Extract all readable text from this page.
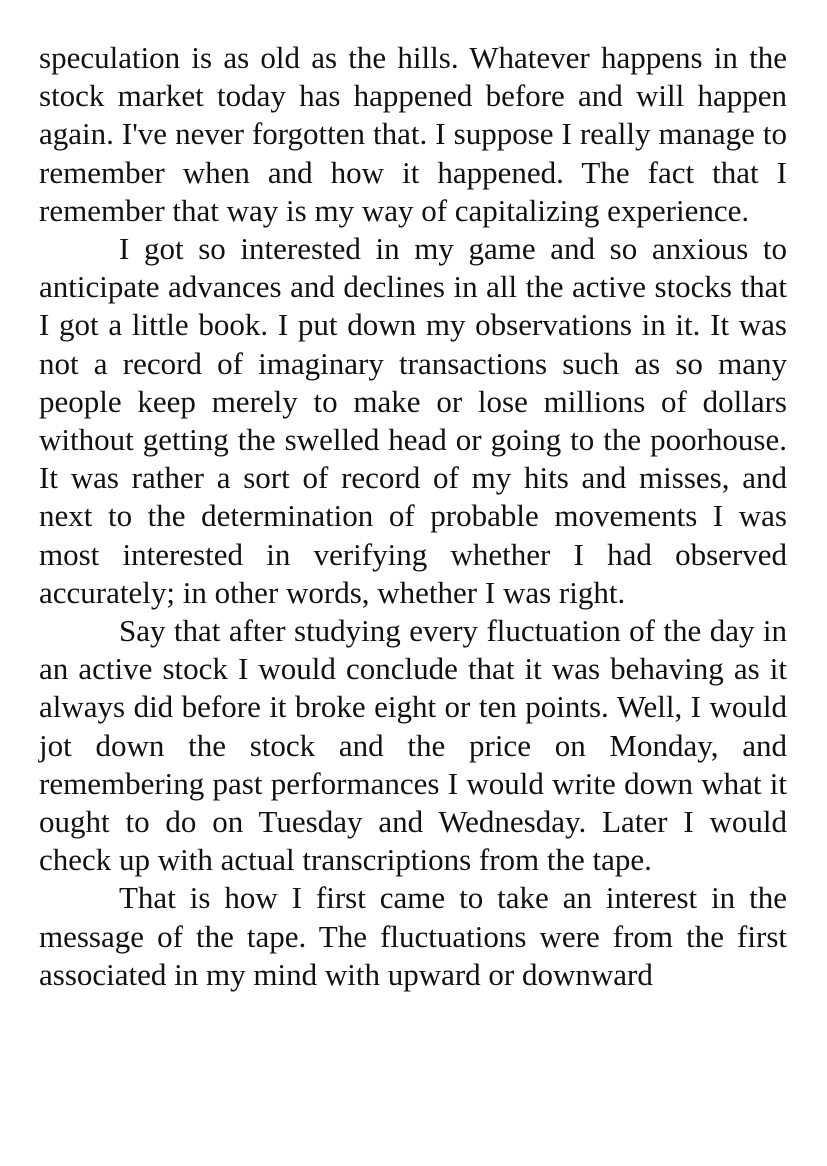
speculation is as old as the hills. Whatever happens in the stock market today has happened before and will happen again. I've never forgotten that. I suppose I really manage to remember when and how it happened. The fact that I remember that way is my way of capitalizing experience.

I got so interested in my game and so anxious to anticipate advances and declines in all the active stocks that I got a little book. I put down my observations in it. It was not a record of imaginary transactions such as so many people keep merely to make or lose millions of dollars without getting the swelled head or going to the poorhouse. It was rather a sort of record of my hits and misses, and next to the determination of probable movements I was most interested in verifying whether I had observed accurately; in other words, whether I was right.

Say that after studying every fluctuation of the day in an active stock I would conclude that it was behaving as it always did before it broke eight or ten points. Well, I would jot down the stock and the price on Monday, and remembering past performances I would write down what it ought to do on Tuesday and Wednesday. Later I would check up with actual transcriptions from the tape.

That is how I first came to take an interest in the message of the tape. The fluctuations were from the first associated in my mind with upward or downward
